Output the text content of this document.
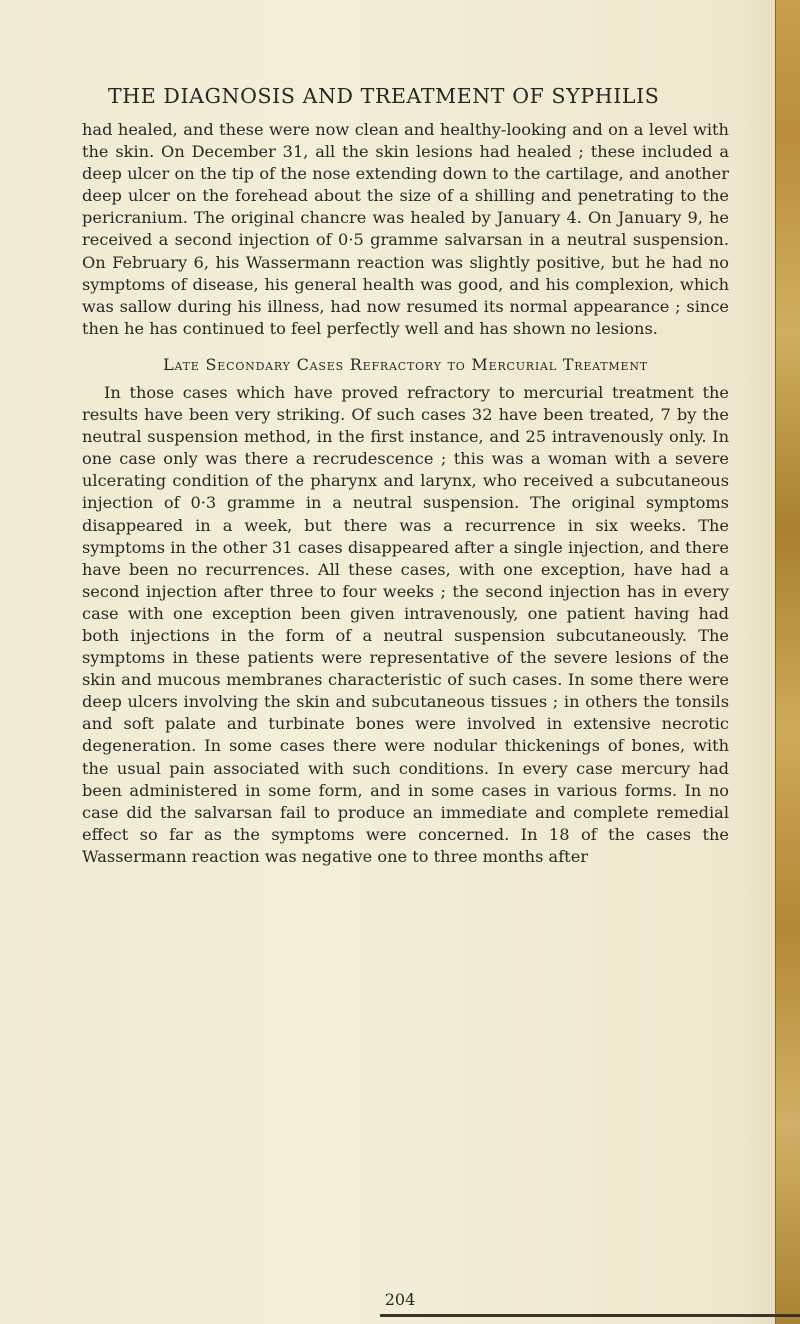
THE DIAGNOSIS AND TREATMENT OF SYPHILIS

had healed, and these were now clean and healthy-looking and on a level with the skin. On December 31, all the skin lesions had healed ; these included a deep ulcer on the tip of the nose extending down to the cartilage, and another deep ulcer on the forehead about the size of a shilling and penetrating to the pericranium. The original chancre was healed by January 4. On January 9, he received a second injection of 0·5 gramme salvarsan in a neutral suspension. On February 6, his Wassermann reaction was slightly positive, but he had no symptoms of disease, his general health was good, and his complexion, which was sallow during his illness, had now resumed its normal appearance ; since then he has continued to feel perfectly well and has shown no lesions.

Late Secondary Cases Refractory to Mercurial Treatment

In those cases which have proved refractory to mercurial treatment the results have been very striking. Of such cases 32 have been treated, 7 by the neutral suspension method, in the first instance, and 25 intravenously only. In one case only was there a recrudescence ; this was a woman with a severe ulcerating condition of the pharynx and larynx, who received a subcutaneous injection of 0·3 gramme in a neutral suspension. The original symptoms disappeared in a week, but there was a recurrence in six weeks. The symptoms in the other 31 cases disappeared after a single injection, and there have been no recurrences. All these cases, with one exception, have had a second injection after three to four weeks ; the second injection has in every case with one exception been given intravenously, one patient having had both injections in the form of a neutral suspension subcutaneously. The symptoms in these patients were representative of the severe lesions of the skin and mucous membranes characteristic of such cases. In some there were deep ulcers involving the skin and subcutaneous tissues ; in others the tonsils and soft palate and turbinate bones were involved in extensive necrotic degeneration. In some cases there were nodular thickenings of bones, with the usual pain associated with such conditions. In every case mercury had been administered in some form, and in some cases in various forms. In no case did the salvarsan fail to produce an immediate and complete remedial effect so far as the symptoms were concerned. In 18 of the cases the Wassermann reaction was negative one to three months after

204
